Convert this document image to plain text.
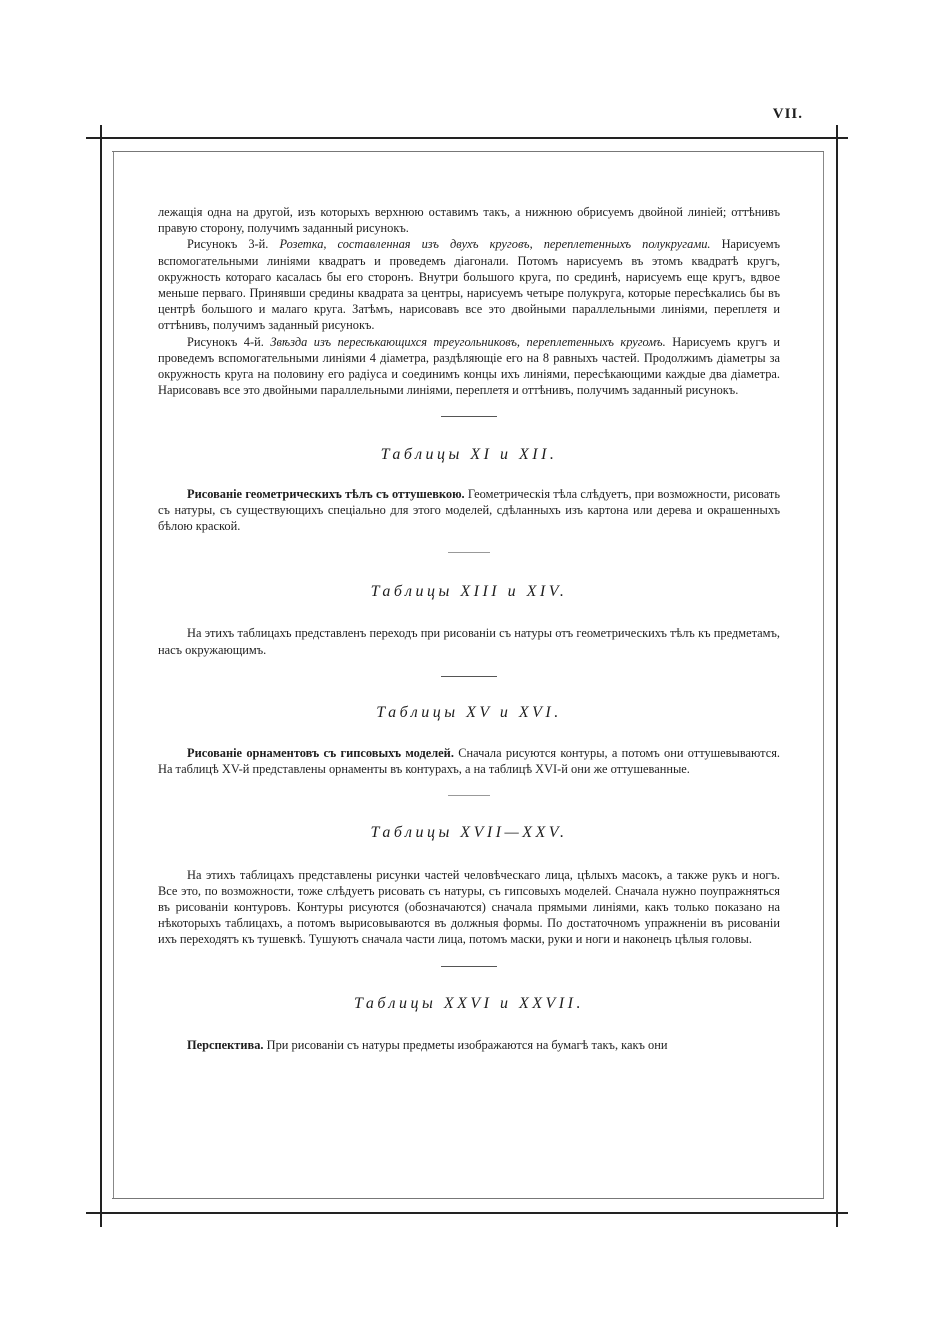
VII.

лежащія одна на другой, изъ которыхъ верхнюю оставимъ такъ, а нижнюю обрисуемъ двойной линіей; оттѣнивъ правую сторону, получимъ заданный рисунокъ.

Рисунокъ 3-й. Розетка, составленная изъ двухъ круговъ, переплетенныхъ полукругами. Нарисуемъ вспомогательными линіями квадратъ и проведемъ діагонали. Потомъ нарисуемъ въ этомъ квадратѣ кругъ, окружность котораго касалась бы его сторонъ. Внутри большого круга, по срединѣ, нарисуемъ еще кругъ, вдвое меньше перваго. Принявши средины квадрата за центры, нарисуемъ четыре полукруга, которые пересѣкались бы въ центрѣ большого и малаго круга. Затѣмъ, нарисовавъ все это двойными параллельными линіями, переплетя и оттѣнивъ, получимъ заданный рисунокъ.

Рисунокъ 4-й. Звѣзда изъ пересѣкающихся треугольниковъ, переплетенныхъ кругомъ. Нарисуемъ кругъ и проведемъ вспомогательными линіями 4 діаметра, раздѣляющіе его на 8 равныхъ частей. Продолжимъ діаметры за окружность круга на половину его радіуса и соединимъ концы ихъ линіями, пересѣкающими каждые два діаметра. Нарисовавъ все это двойными параллельными линіями, переплетя и оттѣнивъ, получимъ заданный рисунокъ.

Таблицы XI и XII.

Рисованіе геометрическихъ тѣлъ съ оттушевкою. Геометрическія тѣла слѣдуетъ, при возможности, рисовать съ натуры, съ существующихъ спеціально для этого моделей, сдѣланныхъ изъ картона или дерева и окрашенныхъ бѣлою краской.

Таблицы XIII и XIV.

На этихъ таблицахъ представленъ переходъ при рисованіи съ натуры отъ геометрическихъ тѣлъ къ предметамъ, насъ окружающимъ.

Таблицы XV и XVI.

Рисованіе орнаментовъ съ гипсовыхъ моделей. Сначала рисуются контуры, а потомъ они оттушевываются. На таблицѣ XV-й представлены орнаменты въ контурахъ, а на таблицѣ XVI-й они же оттушеванные.

Таблицы XVII—XXV.

На этихъ таблицахъ представлены рисунки частей человѣческаго лица, цѣлыхъ масокъ, а также рукъ и ногъ. Все это, по возможности, тоже слѣдуетъ рисовать съ натуры, съ гипсовыхъ моделей. Сначала нужно поупражняться въ рисованіи контуровъ. Контуры рисуются (обозначаются) сначала прямыми линіями, какъ только показано на нѣкоторыхъ таблицахъ, а потомъ вырисовываются въ должныя формы. По достаточномъ упражненіи въ рисованіи ихъ переходятъ къ тушевкѣ. Тушуютъ сначала части лица, потомъ маски, руки и ноги и наконецъ цѣлыя головы.

Таблицы XXVI и XXVII.

Перспектива. При рисованіи съ натуры предметы изображаются на бумагѣ такъ, какъ они
